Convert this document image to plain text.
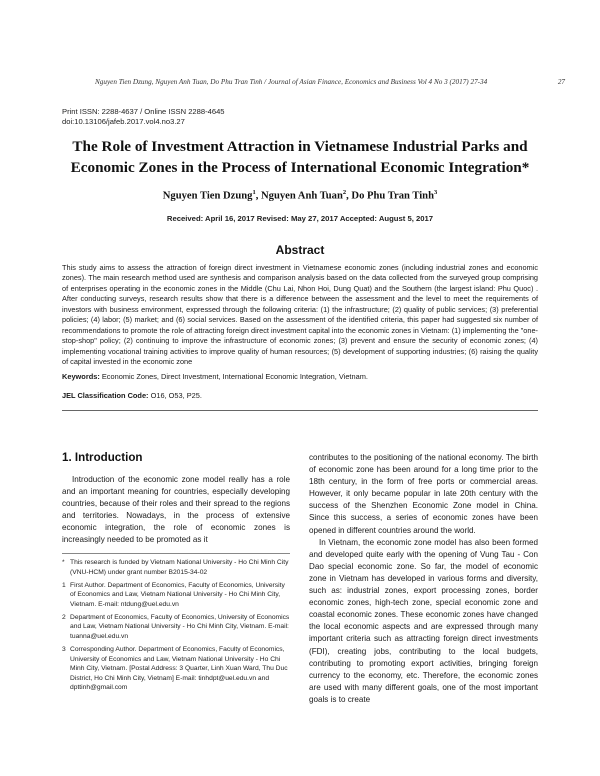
Nguyen Tien Dzung, Nguyen Anh Tuan, Do Phu Tran Tinh / Journal of Asian Finance, Economics and Business Vol 4 No 3 (2017) 27-34	27
Print ISSN: 2288-4637 / Online ISSN 2288-4645
doi:10.13106/jafeb.2017.vol4.no3.27
The Role of Investment Attraction in Vietnamese Industrial Parks and
Economic Zones in the Process of International Economic Integration*
Nguyen Tien Dzung$^1$, Nguyen Anh Tuan$^2$, Do Phu Tran Tinh$^3$
Received: April 16, 2017 Revised: May 27, 2017 Accepted: August 5, 2017
Abstract
This study aims to assess the attraction of foreign direct investment in Vietnamese economic zones (including industrial zones and economic zones). The main research method used are synthesis and comparison analysis based on the data collected from the surveyed group comprising of enterprises operating in the economic zones in the Middle (Chu Lai, Nhon Hoi, Dung Quat) and the Southern (the largest island: Phu Quoc) . After conducting surveys, research results show that there is a difference between the assessment and the level to meet the requirements of investors with business environment, expressed through the following criteria: (1) the infrastructure; (2) quality of public services; (3) preferential policies; (4) labor; (5) market; and (6) social services. Based on the assessment of the identified criteria, this paper had suggested six number of recommendations to promote the role of attracting foreign direct investment capital into the economic zones in Vietnam: (1) implementing the "one-stop-shop" policy; (2) continuing to improve the infrastructure of economic zones; (3) prevent and ensure the security of economic zones; (4) implementing vocational training activities to improve quality of human resources; (5) development of supporting industries; (6) raising the quality of capital invested in the economic zone
Keywords: Economic Zones, Direct Investment, International Economic Integration, Vietnam.
JEL Classification Code: O16, O53, P25.
1. Introduction

Introduction of the economic zone model really has a role and an important meaning for countries, especially developing countries, because of their roles and their spread to the regions and territories. Nowadays, in the process of extensive economic integration, the role of economic zones is increasingly needed to be promoted as it

* This research is funded by Vietnam National University - Ho Chi Minh City (VNU-HCM) under grant number B2015-34-02
1 First Author. Department of Economics, Faculty of Economics, University of Economics and Law, Vietnam National University - Ho Chi Minh City, Vietnam. E-mail: ntdung@uel.edu.vn
2 Department of Economics, Faculty of Economics, University of Economics and Law, Vietnam National University - Ho Chi Minh City, Vietnam. E-mail: tuanna@uel.edu.vn
3 Corresponding Author. Department of Economics, Faculty of Economics, University of Economics and Law, Vietnam National University - Ho Chi Minh City, Vietnam. [Postal Address: 3 Quarter, Linh Xuan Ward, Thu Duc District, Ho Chi Minh City, Vietnam] E-mail: tinhdpt@uel.edu.vn and dpttinh@gmail.com

contributes to the positioning of the national economy. The birth of economic zone has been around for a long time prior to the 18th century, in the form of free ports or commercial areas. However, it only became popular in late 20th century with the success of the Shenzhen Economic Zone model in China. Since this success, a series of economic zones have been opened in different countries around the world.

In Vietnam, the economic zone model has also been formed and developed quite early with the opening of Vung Tau - Con Dao special economic zone. So far, the model of economic zone in Vietnam has developed in various forms and diversity, such as: industrial zones, export processing zones, border economic zones, high-tech zone, special economic zone and coastal economic zones. These economic zones have changed the local economic aspects and are expressed through many important criteria such as attracting foreign direct investments (FDI), creating jobs, contributing to the local budgets, contributing to promoting export activities, bringing foreign currency to the economy, etc. Therefore, the economic zones are used with many different goals, one of the most important goals is to create
